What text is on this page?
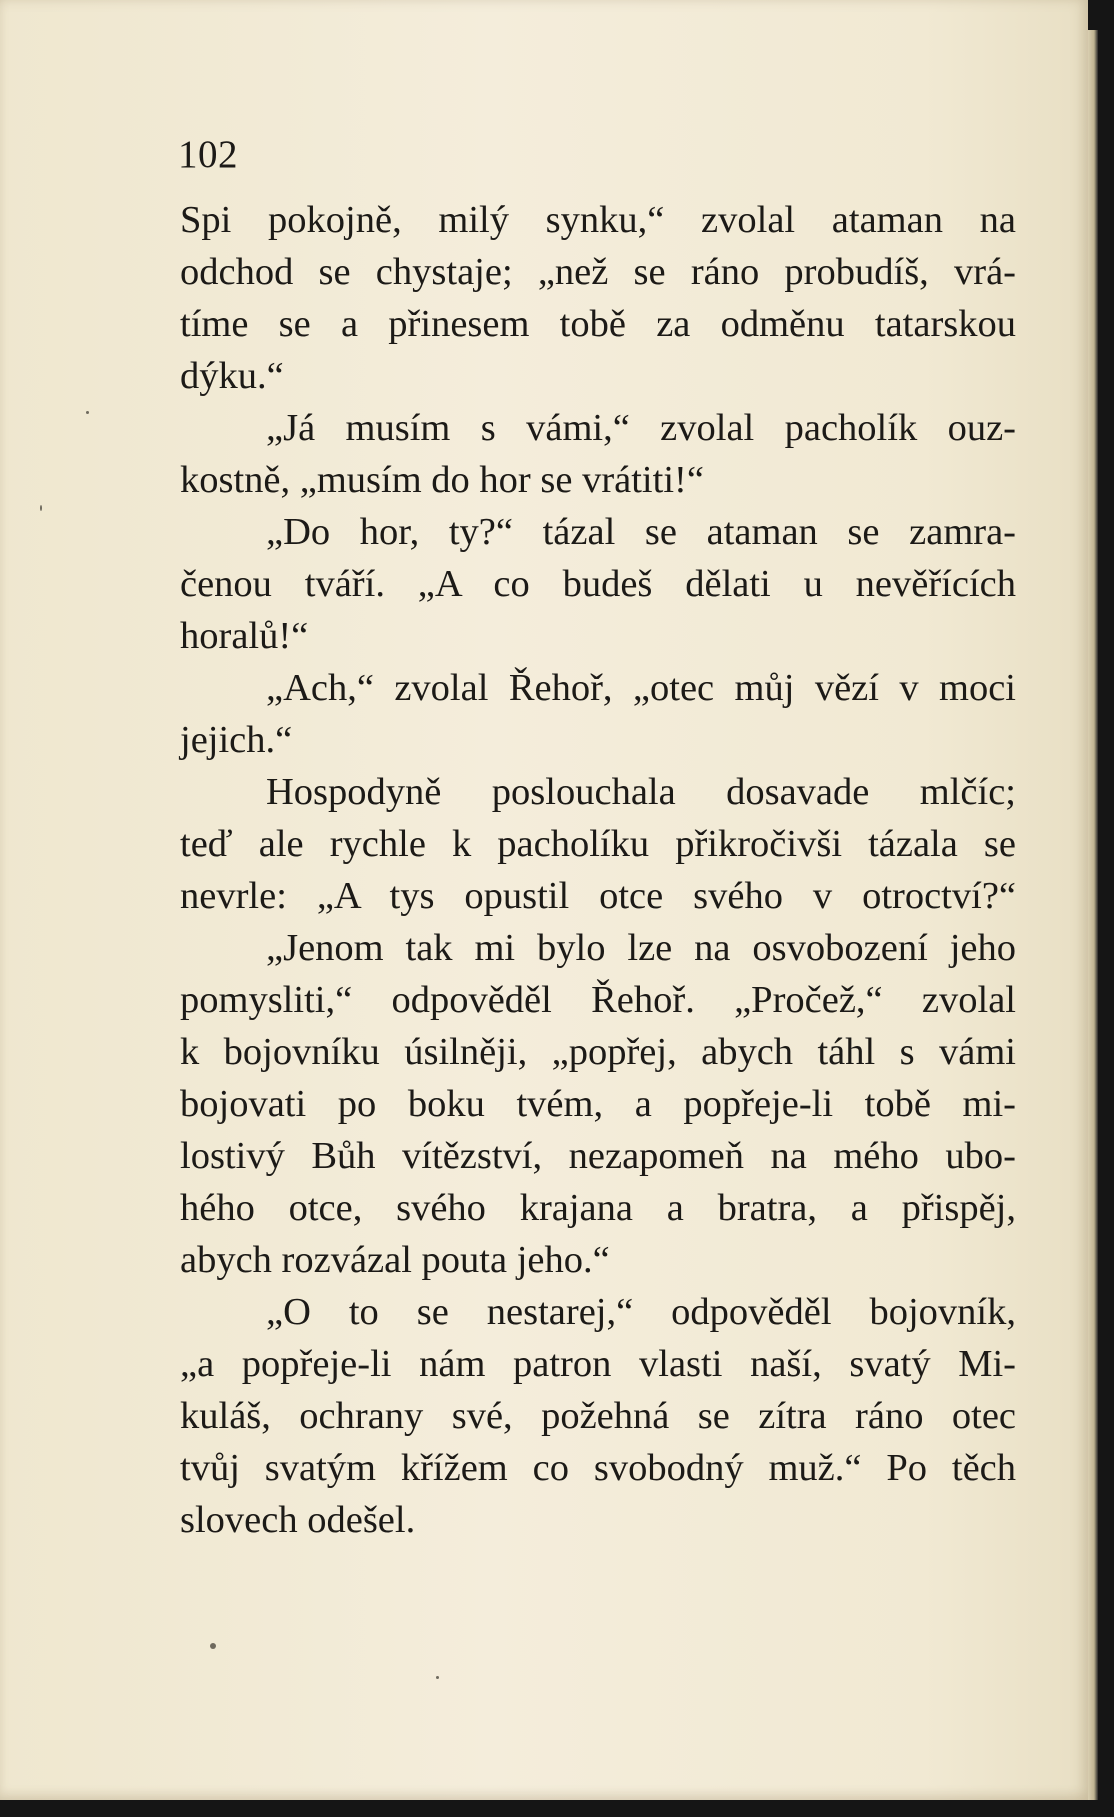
102
Spi pokojně, milý synku,“ zvolal ataman na
odchod se chystaje; „než se ráno probudíš, vrá-
tíme se a přinesem tobě za odměnu tatarskou
dýku.“
„Já musím s vámi,“ zvolal pacholík ouz-
kostně, „musím do hor se vrátiti!“
„Do hor, ty?“ tázal se ataman se zamra-
čenou tváří. „A co budeš dělati u nevěřících
horalů!“
„Ach,“ zvolal Řehoř, „otec můj vězí v moci
jejich.“
Hospodyně poslouchala dosavade mlčíc;
teď ale rychle k pacholíku přikročivši tázala se
nevrle: „A tys opustil otce svého v otroctví?“
„Jenom tak mi bylo lze na osvobození jeho
pomysliti,“ odpověděl Řehoř. „Pročež,“ zvolal
k bojovníku úsilněji, „popřej, abych táhl s vámi
bojovati po boku tvém, a popřeje-li tobě mi-
lostivý Bůh vítězství, nezapomeň na mého ubo-
hého otce, svého krajana a bratra, a přispěj,
abych rozvázal pouta jeho.“
„O to se nestarej,“ odpověděl bojovník,
„a popřeje-li nám patron vlasti naší, svatý Mi-
kuláš, ochrany své, požehná se zítra ráno otec
tvůj svatým křížem co svobodný muž.“ Po těch
slovech odešel.
